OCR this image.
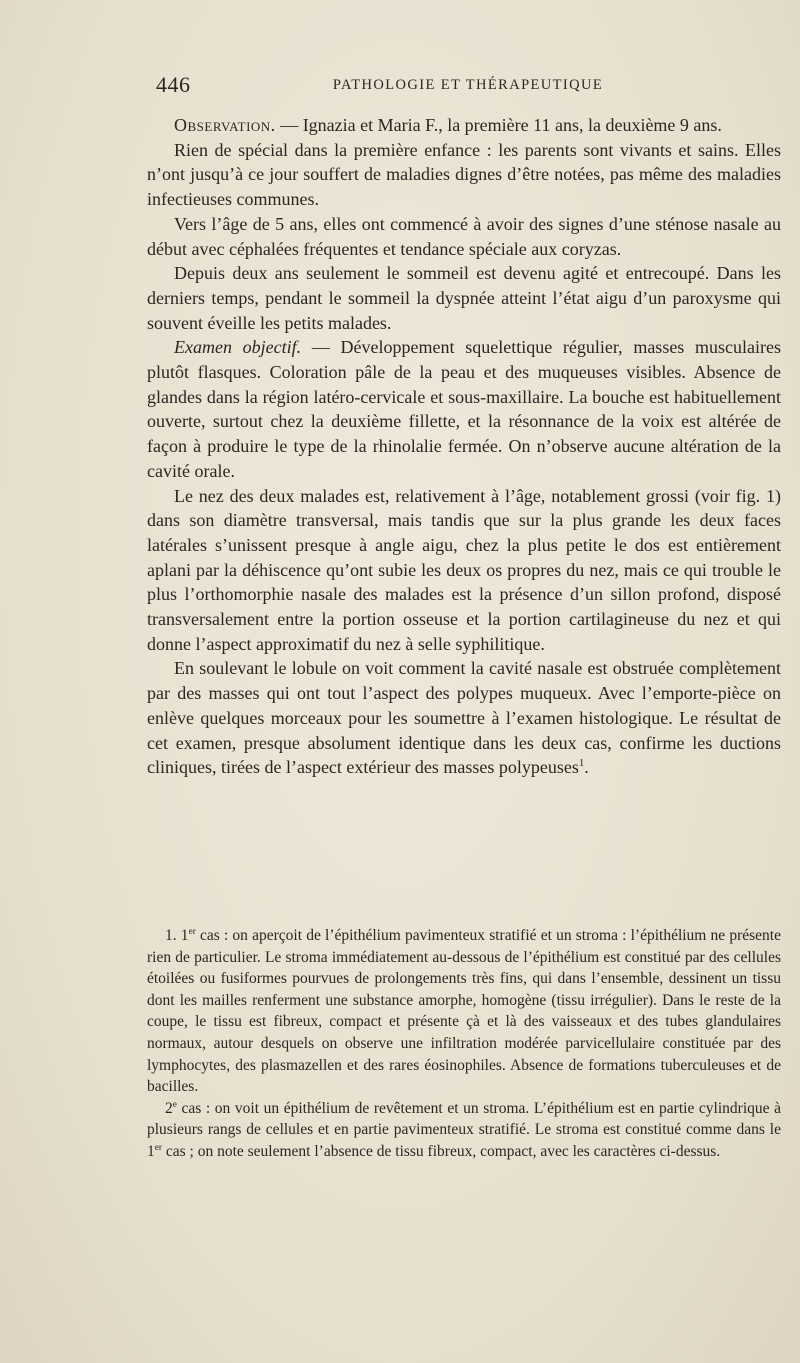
446	PATHOLOGIE ET THÉRAPEUTIQUE

Observation. — Ignazia et Maria F., la première 11 ans, la deuxième 9 ans.

Rien de spécial dans la première enfance : les parents sont vivants et sains. Elles n’ont jusqu’à ce jour souffert de maladies dignes d’être notées, pas même des maladies infectieuses communes.

Vers l’âge de 5 ans, elles ont commencé à avoir des signes d’une sténose nasale au début avec céphalées fréquentes et tendance spéciale aux coryzas.

Depuis deux ans seulement le sommeil est devenu agité et entrecoupé. Dans les derniers temps, pendant le sommeil la dyspnée atteint l’état aigu d’un paroxysme qui souvent éveille les petits malades.

Examen objectif. — Développement squelettique régulier, masses musculaires plutôt flasques. Coloration pâle de la peau et des muqueuses visibles. Absence de glandes dans la région latéro-cervicale et sous-maxillaire. La bouche est habituellement ouverte, surtout chez la deuxième fillette, et la résonnance de la voix est altérée de façon à produire le type de la rhinolalie fermée. On n’observe aucune altération de la cavité orale.

Le nez des deux malades est, relativement à l’âge, notablement grossi (voir fig. 1) dans son diamètre transversal, mais tandis que sur la plus grande les deux faces latérales s’unissent presque à angle aigu, chez la plus petite le dos est entièrement aplani par la déhiscence qu’ont subie les deux os propres du nez, mais ce qui trouble le plus l’orthomorphie nasale des malades est la présence d’un sillon profond, disposé transversalement entre la portion osseuse et la portion cartilagineuse du nez et qui donne l’aspect approximatif du nez à selle syphilitique.

En soulevant le lobule on voit comment la cavité nasale est obstruée complètement par des masses qui ont tout l’aspect des polypes muqueux. Avec l’emporte-pièce on enlève quelques morceaux pour les soumettre à l’examen histologique. Le résultat de cet examen, presque absolument identique dans les deux cas, confirme les ductions cliniques, tirées de l’aspect extérieur des masses polypeuses$^1$.

1. 1er cas : on aperçoit de l’épithélium pavimenteux stratifié et un stroma : l’épithélium ne présente rien de particulier. Le stroma immédiatement au-dessous de l’épithélium est constitué par des cellules étoilées ou fusiformes pourvues de prolongements très fins, qui dans l’ensemble, dessinent un tissu dont les mailles renferment une substance amorphe, homogène (tissu irrégulier). Dans le reste de la coupe, le tissu est fibreux, compact et présente çà et là des vaisseaux et des tubes glandulaires normaux, autour desquels on observe une infiltration modérée parvicellulaire constituée par des lymphocytes, des plasmazellen et des rares éosinophiles. Absence de formations tuberculeuses et de bacilles.

2e cas : on voit un épithélium de revêtement et un stroma. L’épithélium est en partie cylindrique à plusieurs rangs de cellules et en partie pavimenteux stratifié. Le stroma est constitué comme dans le 1er cas ; on note seulement l’absence de tissu fibreux, compact, avec les caractères ci-dessus.
